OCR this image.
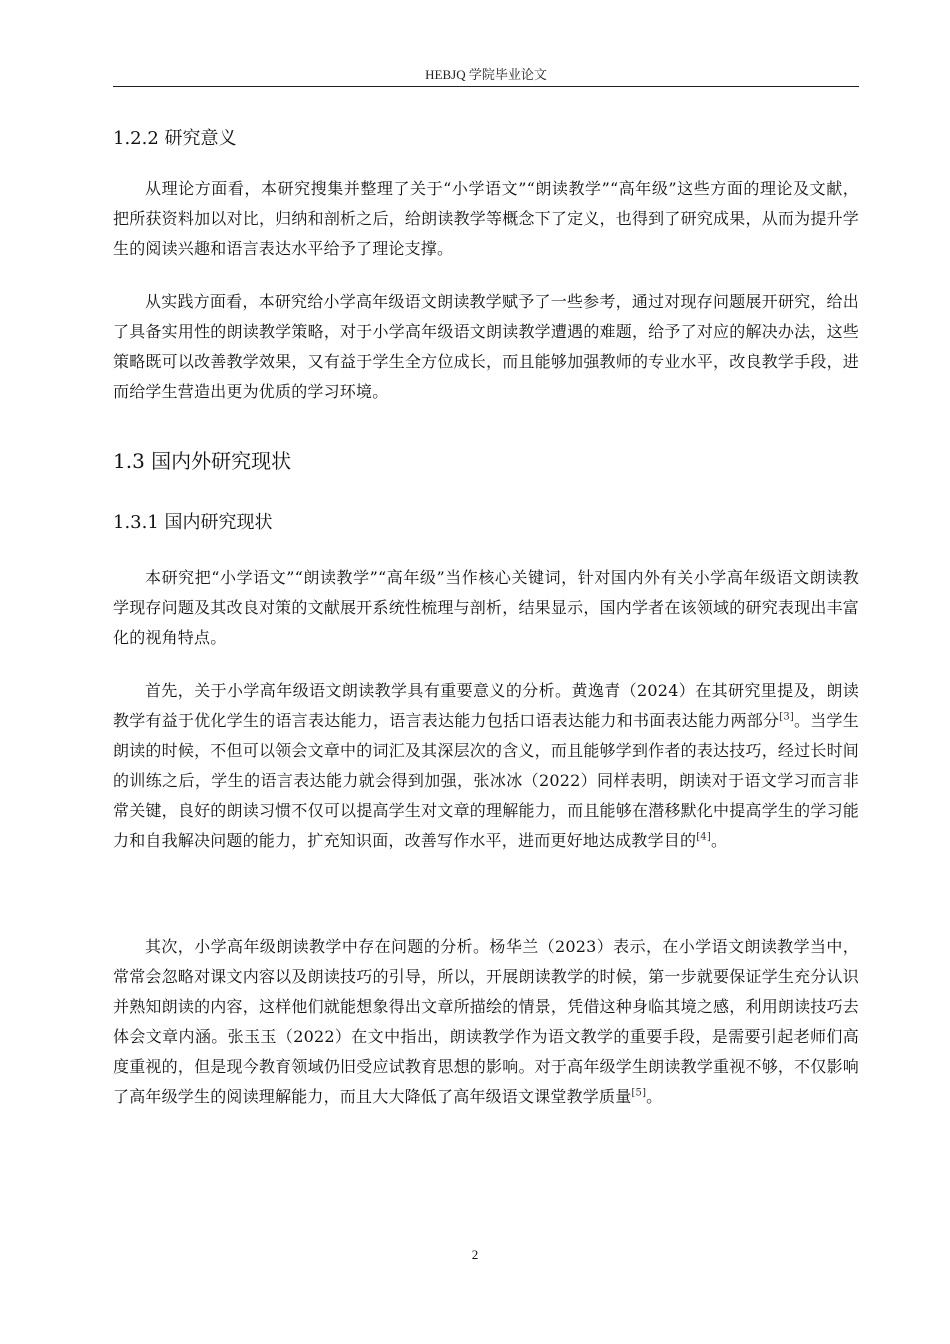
HEBJQ 学院毕业论文
1.2.2 研究意义

从理论方面看，本研究搜集并整理了关于“小学语文”“朗读教学”“高年级”这些方面的理论及文献，把所获资料加以对比，归纳和剖析之后，给朗读教学等概念下了定义，也得到了研究成果，从而为提升学生的阅读兴趣和语言表达水平给予了理论支撑。

从实践方面看，本研究给小学高年级语文朗读教学赋予了一些参考，通过对现存问题展开研究，给出了具备实用性的朗读教学策略，对于小学高年级语文朗读教学遭遇的难题，给予了对应的解决办法，这些策略既可以改善教学效果，又有益于学生全方位成长，而且能够加强教师的专业水平，改良教学手段，进而给学生营造出更为优质的学习环境。

1.3 国内外研究现状
1.3.1 国内研究现状

本研究把“小学语文”“朗读教学”“高年级”当作核心关键词，针对国内外有关小学高年级语文朗读教学现存问题及其改良对策的文献展开系统性梳理与剖析，结果显示，国内学者在该领域的研究表现出丰富化的视角特点。

首先，关于小学高年级语文朗读教学具有重要意义的分析。黄逸青（2024）在其研究里提及，朗读教学有益于优化学生的语言表达能力，语言表达能力包括口语表达能力和书面表达能力两部分[3]。当学生朗读的时候，不但可以领会文章中的词汇及其深层次的含义，而且能够学到作者的表达技巧，经过长时间的训练之后，学生的语言表达能力就会得到加强，张冰冰（2022）同样表明，朗读对于语文学习而言非常关键，良好的朗读习惯不仅可以提高学生对文章的理解能力，而且能够在潜移默化中提高学生的学习能力和自我解决问题的能力，扩充知识面，改善写作水平，进而更好地达成教学目的[4]。

其次，小学高年级朗读教学中存在问题的分析。杨华兰（2023）表示，在小学语文朗读教学当中，常常会忽略对课文内容以及朗读技巧的引导，所以，开展朗读教学的时候，第一步就要保证学生充分认识并熟知朗读的内容，这样他们就能想象得出文章所描绘的情景，凭借这种身临其境之感，利用朗读技巧去体会文章内涵。张玉玉（2022）在文中指出，朗读教学作为语文教学的重要手段，是需要引起老师们高度重视的，但是现今教育领域仍旧受应试教育思想的影响。对于高年级学生朗读教学重视不够，不仅影响了高年级学生的阅读理解能力，而且大大降低了高年级语文课堂教学质量[5]。

2
